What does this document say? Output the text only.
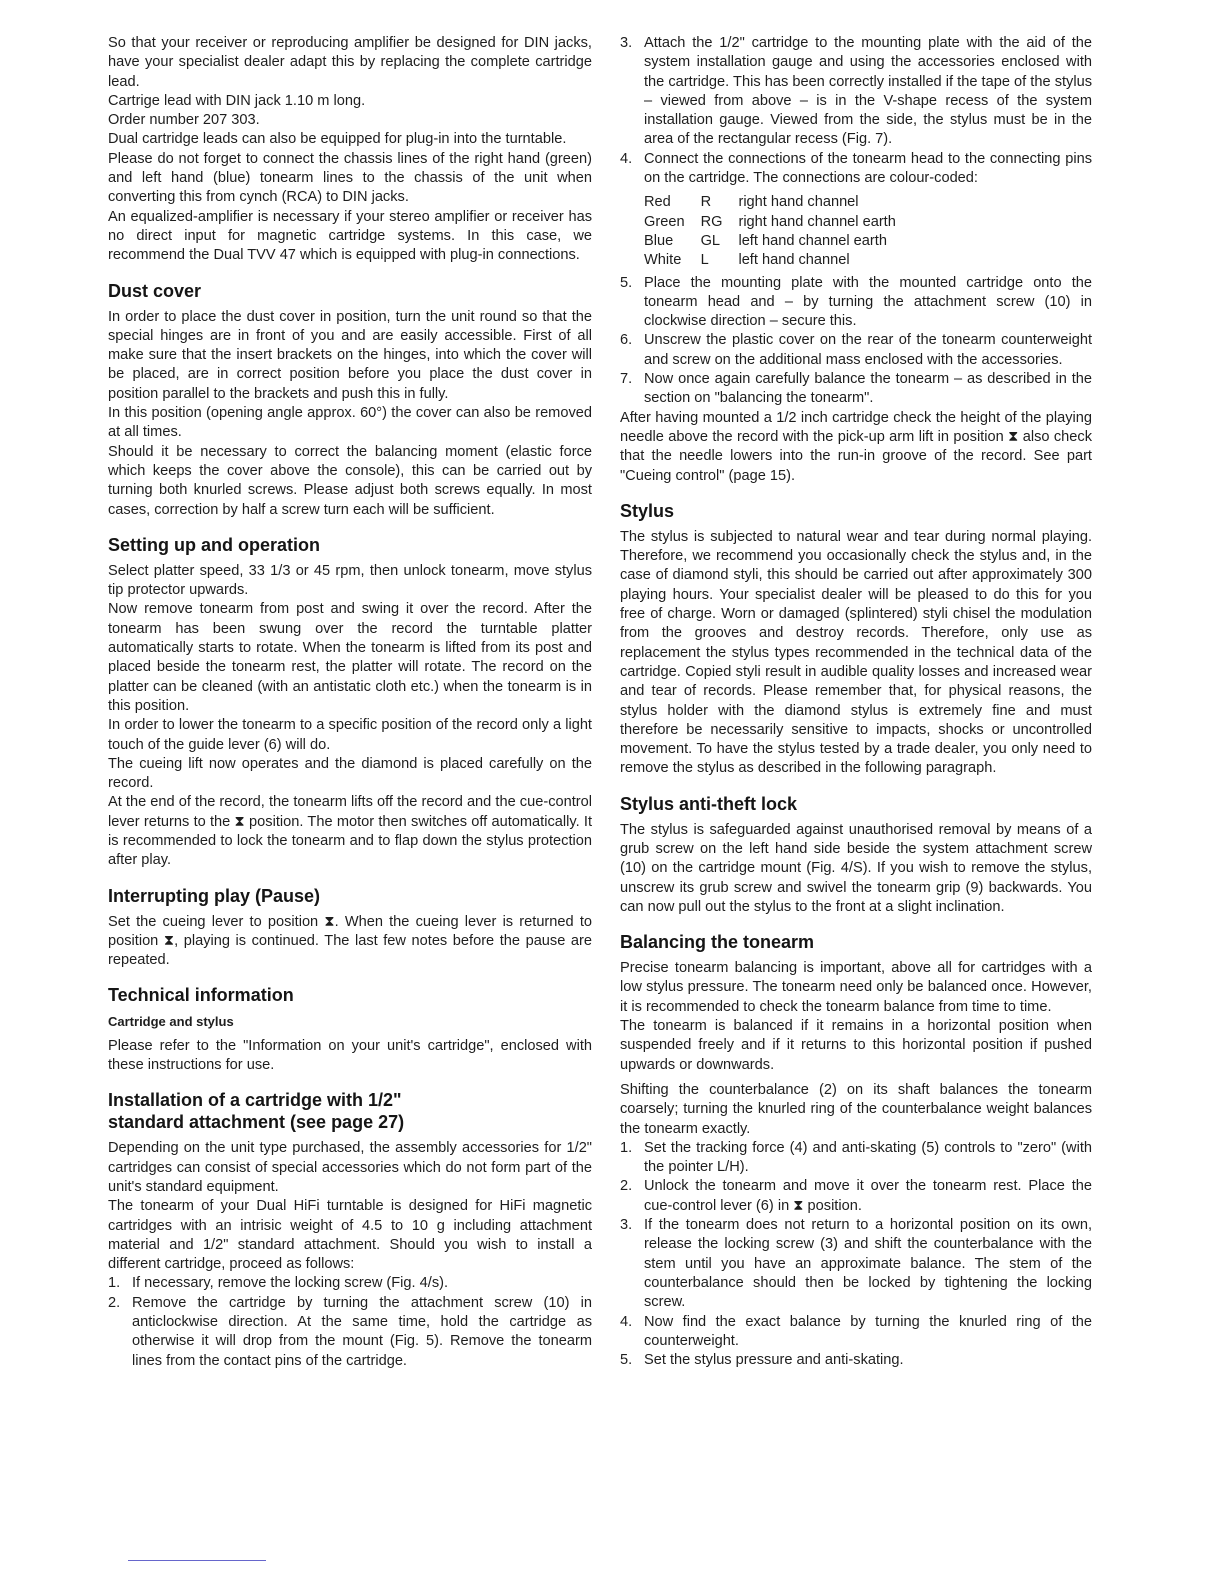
So that your receiver or reproducing amplifier be designed for DIN jacks, have your specialist dealer adapt this by replacing the complete cartridge lead.

Cartrige lead with DIN jack 1.10 m long.

Order number 207 303.

Dual cartridge leads can also be equipped for plug-in into the turntable.

Please do not forget to connect the chassis lines of the right hand (green) and left hand (blue) tonearm lines to the chassis of the unit when converting this from cynch (RCA) to DIN jacks.

An equalized-amplifier is necessary if your stereo amplifier or receiver has no direct input for magnetic cartridge systems. In this case, we recommend the Dual TVV 47 which is equipped with plug-in connections.

Dust cover

In order to place the dust cover in position, turn the unit round so that the special hinges are in front of you and are easily accessible. First of all make sure that the insert brackets on the hinges, into which the cover will be placed, are in correct position before you place the dust cover in position parallel to the brackets and push this in fully.

In this position (opening angle approx. 60°) the cover can also be removed at all times.

Should it be necessary to correct the balancing moment (elastic force which keeps the cover above the console), this can be carried out by turning both knurled screws. Please adjust both screws equally. In most cases, correction by half a screw turn each will be sufficient.

Setting up and operation

Select platter speed, 33 1/3 or 45 rpm, then unlock tonearm, move stylus tip protector upwards.

Now remove tonearm from post and swing it over the record. After the tonearm has been swung over the record the turntable platter automatically starts to rotate. When the tonearm is lifted from its post and placed beside the tonearm rest, the platter will rotate. The record on the platter can be cleaned (with an antistatic cloth etc.) when the tonearm is in this position.

In order to lower the tonearm to a specific position of the record only a light touch of the guide lever (6) will do.

The cueing lift now operates and the diamond is placed carefully on the record.

At the end of the record, the tonearm lifts off the record and the cue-control lever returns to the ⧗ position. The motor then switches off automatically. It is recommended to lock the tonearm and to flap down the stylus protection after play.

Interrupting play (Pause)

Set the cueing lever to position ⧗. When the cueing lever is returned to position ⧗, playing is continued. The last few notes before the pause are repeated.

Technical information
Cartridge and stylus

Please refer to the "Information on your unit's cartridge", enclosed with these instructions for use.

Installation of a cartridge with 1/2"
standard attachment (see page 27)

Depending on the unit type purchased, the assembly accessories for 1/2" cartridges can consist of special accessories which do not form part of the unit's standard equipment.

The tonearm of your Dual HiFi turntable is designed for HiFi magnetic cartridges with an intrisic weight of 4.5 to 10 g including attachment material and 1/2" standard attachment. Should you wish to install a different cartridge, proceed as follows:

1. If necessary, remove the locking screw (Fig. 4/s).
2. Remove the cartridge by turning the attachment screw (10) in anticlockwise direction. At the same time, hold the cartridge as otherwise it will drop from the mount (Fig. 5). Remove the tonearm lines from the contact pins of the cartridge.
3. Attach the 1/2" cartridge to the mounting plate with the aid of the system installation gauge and using the accessories enclosed with the cartridge. This has been correctly installed if the tape of the stylus – viewed from above – is in the V-shape recess of the system installation gauge. Viewed from the side, the stylus must be in the area of the rectangular recess (Fig. 7).
4. Connect the connections of the tonearm head to the connecting pins on the cartridge. The connections are colour-coded:
Red	R	right hand channel
Green	RG	right hand channel earth
Blue	GL	left hand channel earth
White	L	left hand channel
5. Place the mounting plate with the mounted cartridge onto the tonearm head and – by turning the attachment screw (10) in clockwise direction – secure this.
6. Unscrew the plastic cover on the rear of the tonearm counterweight and screw on the additional mass enclosed with the accessories.
7. Now once again carefully balance the tonearm – as described in the section on "balancing the tonearm".

After having mounted a 1/2 inch cartridge check the height of the playing needle above the record with the pick-up arm lift in position ⧗ also check that the needle lowers into the run-in groove of the record. See part "Cueing control" (page 15).

Stylus

The stylus is subjected to natural wear and tear during normal playing. Therefore, we recommend you occasionally check the stylus and, in the case of diamond styli, this should be carried out after approximately 300 playing hours. Your specialist dealer will be pleased to do this for you free of charge. Worn or damaged (splintered) styli chisel the modulation from the grooves and destroy records. Therefore, only use as replacement the stylus types recommended in the technical data of the cartridge. Copied styli result in audible quality losses and increased wear and tear of records. Please remember that, for physical reasons, the stylus holder with the diamond stylus is extremely fine and must therefore be necessarily sensitive to impacts, shocks or uncontrolled movement. To have the stylus tested by a trade dealer, you only need to remove the stylus as described in the following paragraph.

Stylus anti-theft lock

The stylus is safeguarded against unauthorised removal by means of a grub screw on the left hand side beside the system attachment screw (10) on the cartridge mount (Fig. 4/S). If you wish to remove the stylus, unscrew its grub screw and swivel the tonearm grip (9) backwards. You can now pull out the stylus to the front at a slight inclination.

Balancing the tonearm

Precise tonearm balancing is important, above all for cartridges with a low stylus pressure. The tonearm need only be balanced once. However, it is recommended to check the tonearm balance from time to time.

The tonearm is balanced if it remains in a horizontal position when suspended freely and if it returns to this horizontal position if pushed upwards or downwards.

Shifting the counterbalance (2) on its shaft balances the tonearm coarsely; turning the knurled ring of the counterbalance weight balances the tonearm exactly.

1. Set the tracking force (4) and anti-skating (5) controls to "zero" (with the pointer L/H).
2. Unlock the tonearm and move it over the tonearm rest. Place the cue-control lever (6) in ⧗ position.
3. If the tonearm does not return to a horizontal position on its own, release the locking screw (3) and shift the counterbalance with the stem until you have an approximate balance. The stem of the counterbalance should then be locked by tightening the locking screw.
4. Now find the exact balance by turning the knurled ring of the counterweight.
5. Set the stylus pressure and anti-skating.
